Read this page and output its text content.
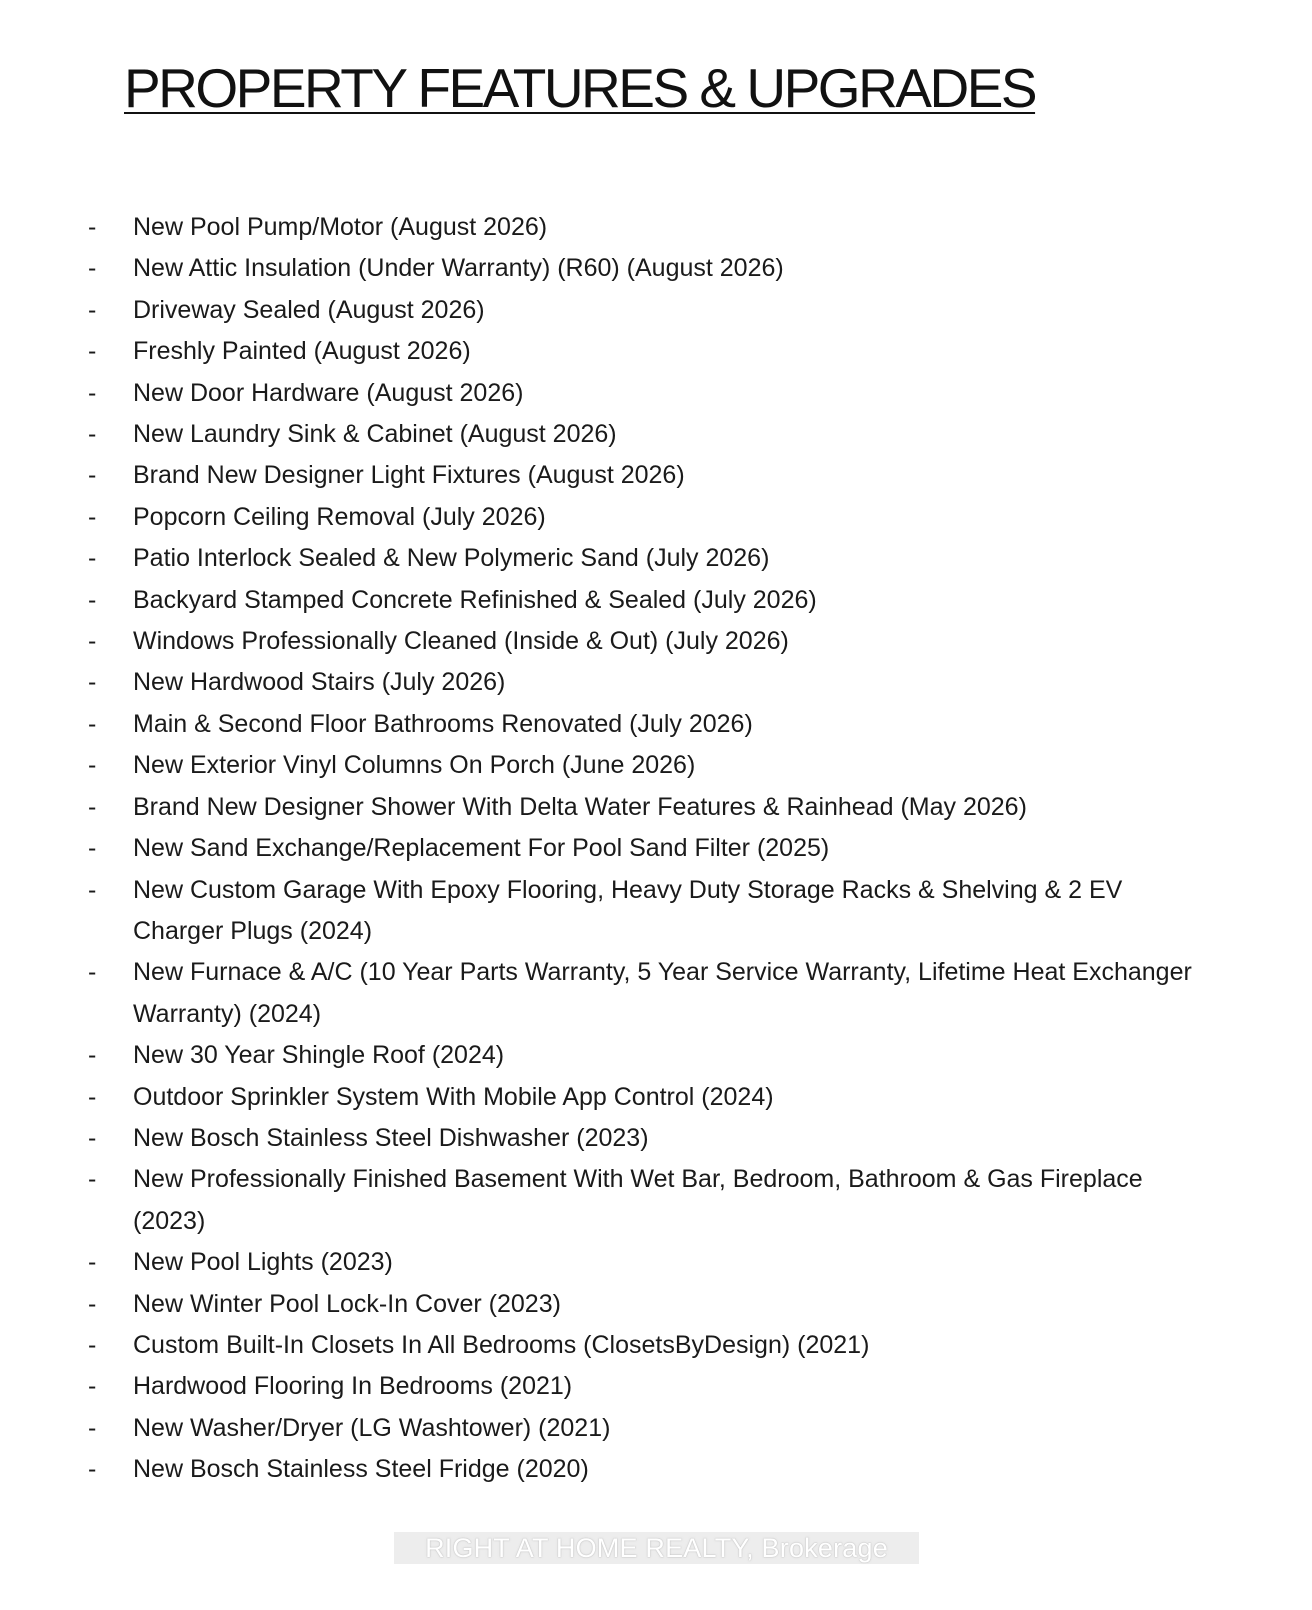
PROPERTY FEATURES & UPGRADES
-	New Pool Pump/Motor (August 2026)
-	New Attic Insulation (Under Warranty) (R60) (August 2026)
-	Driveway Sealed (August 2026)
-	Freshly Painted (August 2026)
-	New Door Hardware (August 2026)
-	New Laundry Sink & Cabinet (August 2026)
-	Brand New Designer Light Fixtures (August 2026)
-	Popcorn Ceiling Removal (July 2026)
-	Patio Interlock Sealed & New Polymeric Sand (July 2026)
-	Backyard Stamped Concrete Refinished & Sealed (July 2026)
-	Windows Professionally Cleaned (Inside & Out) (July 2026)
-	New Hardwood Stairs (July 2026)
-	Main & Second Floor Bathrooms Renovated (July 2026)
-	New Exterior Vinyl Columns On Porch (June 2026)
-	Brand New Designer Shower With Delta Water Features & Rainhead (May 2026)
-	New Sand Exchange/Replacement For Pool Sand Filter (2025)
-	New Custom Garage With Epoxy Flooring, Heavy Duty Storage Racks & Shelving & 2 EV Charger Plugs (2024)
-	New Furnace & A/C (10 Year Parts Warranty, 5 Year Service Warranty, Lifetime Heat Exchanger Warranty) (2024)
-	New 30 Year Shingle Roof (2024)
-	Outdoor Sprinkler System With Mobile App Control (2024)
-	New Bosch Stainless Steel Dishwasher (2023)
-	New Professionally Finished Basement With Wet Bar, Bedroom, Bathroom & Gas Fireplace (2023)
-	New Pool Lights (2023)
-	New Winter Pool Lock-In Cover (2023)
-	Custom Built-In Closets In All Bedrooms (ClosetsByDesign) (2021)
-	Hardwood Flooring In Bedrooms (2021)
-	New Washer/Dryer (LG Washtower) (2021)
-	New Bosch Stainless Steel Fridge (2020)
RIGHT AT HOME REALTY, Brokerage
